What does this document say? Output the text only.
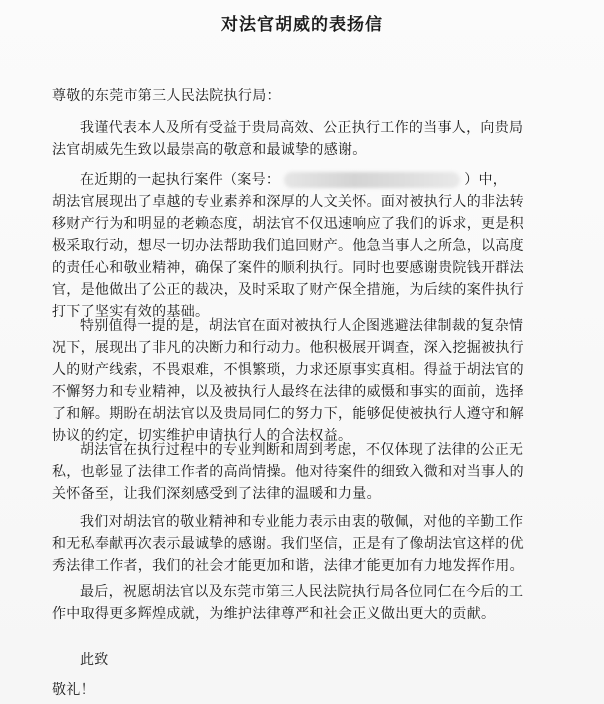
对法官胡威的表扬信
尊敬的东莞市第三人民法院执行局：
我谨代表本人及所有受益于贵局高效、公正执行工作的当事人，向贵局
法官胡威先生致以最崇高的敬意和最诚挚的感谢。
在近期的一起执行案件（案号：	）中，
胡法官展现出了卓越的专业素养和深厚的人文关怀。面对被执行人的非法转
移财产行为和明显的老赖态度，胡法官不仅迅速响应了我们的诉求，更是积
极采取行动，想尽一切办法帮助我们追回财产。他急当事人之所急，以高度
的责任心和敬业精神，确保了案件的顺利执行。同时也要感谢贵院钱开群法
官，是他做出了公正的裁决，及时采取了财产保全措施，为后续的案件执行
打下了坚实有效的基础。
特别值得一提的是，胡法官在面对被执行人企图逃避法律制裁的复杂情
况下，展现出了非凡的决断力和行动力。他积极展开调查，深入挖掘被执行
人的财产线索，不畏艰难，不惧繁琐，力求还原事实真相。得益于胡法官的
不懈努力和专业精神，以及被执行人最终在法律的威慑和事实的面前，选择
了和解。期盼在胡法官以及贵局同仁的努力下，能够促使被执行人遵守和解
协议的约定，切实维护申请执行人的合法权益。
胡法官在执行过程中的专业判断和周到考虑，不仅体现了法律的公正无
私，也彰显了法律工作者的高尚情操。他对待案件的细致入微和对当事人的
关怀备至，让我们深刻感受到了法律的温暖和力量。
我们对胡法官的敬业精神和专业能力表示由衷的敬佩，对他的辛勤工作
和无私奉献再次表示最诚挚的感谢。我们坚信，正是有了像胡法官这样的优
秀法律工作者，我们的社会才能更加和谐，法律才能更加有力地发挥作用。
最后，祝愿胡法官以及东莞市第三人民法院执行局各位同仁在今后的工
作中取得更多辉煌成就，为维护法律尊严和社会正义做出更大的贡献。
此致
敬礼！
